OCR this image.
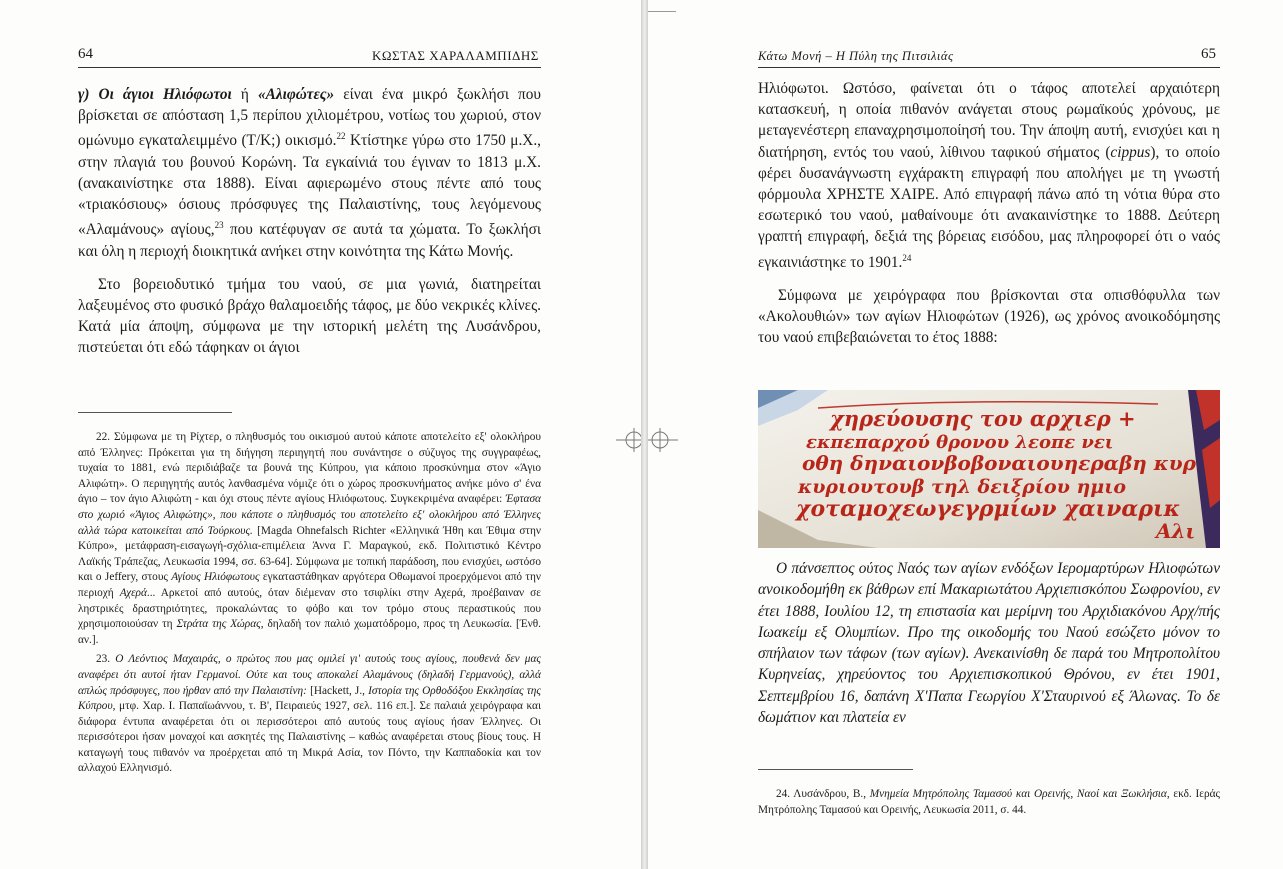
64	ΚΩΣΤΑΣ ΧΑΡΑΛΑΜΠΙΔΗΣ

γ) Οι άγιοι Ηλιόφωτοι ή «Αλιφώτες» είναι ένα μικρό ξωκλήσι που βρίσκεται σε απόσταση 1,5 περίπου χιλιομέτρου, νοτίως του χωριού, στον ομώνυμο εγκαταλειμμένο (Τ/Κ;) οικισμό.$^{22}$ Κτίστηκε γύρω στο 1750 μ.Χ., στην πλαγιά του βουνού Κορώνη. Τα εγκαίνιά του έγιναν το 1813 μ.Χ. (ανακαινίστηκε στα 1888). Είναι αφιερωμένο στους πέντε από τους «τριακόσιους» όσιους πρόσφυγες της Παλαιστίνης, τους λεγόμενους «Αλαμάνους» αγίους,$^{23}$ που κατέφυγαν σε αυτά τα χώματα. Το ξωκλήσι και όλη η περιοχή διοικητικά ανήκει στην κοινότητα της Κάτω Μονής.

Στο βορειοδυτικό τμήμα του ναού, σε μια γωνιά, διατηρείται λαξευμένος στο φυσικό βράχο θαλαμοειδής τάφος, με δύο νεκρικές κλίνες. Κατά μία άποψη, σύμφωνα με την ιστορική μελέτη της Λυσάνδρου, πιστεύεται ότι εδώ τάφηκαν οι άγιοι

22. Σύμφωνα με τη Ρίχτερ, ο πληθυσμός του οικισμού αυτού κάποτε αποτελείτο εξ' ολοκλήρου από Έλληνες: Πρόκειται για τη διήγηση περιηγητή που συνάντησε ο σύζυγος της συγγραφέως, τυχαία το 1881, ενώ περιδιάβαζε τα βουνά της Κύπρου, για κάποιο προσκύνημα στον «Άγιο Αλιφώτη». Ο περιηγητής αυτός λανθασμένα νόμιζε ότι ο χώρος προσκυνήματος ανήκε μόνο σ' ένα άγιο – τον άγιο Αλιφώτη - και όχι στους πέντε αγίους Ηλιόφωτους. Συγκεκριμένα αναφέρει: Έφτασα στο χωριό «Άγιος Αλιφώτης», που κάποτε ο πληθυσμός του αποτελείτο εξ' ολοκλήρου από Έλληνες αλλά τώρα κατοικείται από Τούρκους. [Magda Ohnefalsch Richter «Ελληνικά Ήθη και Έθιμα στην Κύπρο», μετάφραση-εισαγωγή-σχόλια-επιμέλεια Άννα Γ. Μαραγκού, εκδ. Πολιτιστικό Κέντρο Λαϊκής Τράπεζας, Λευκωσία 1994, σσ. 63-64]. Σύμφωνα με τοπική παράδοση, που ενισχύει, ωστόσο και ο Jeffery, στους Αγίους Ηλιόφωτους εγκαταστάθηκαν αργότερα Οθωμανοί προερχόμενοι από την περιοχή Αχερά... Αρκετοί από αυτούς, όταν διέμεναν στο τσιφλίκι στην Αχερά, προέβαιναν σε ληστρικές δραστηριότητες, προκαλώντας το φόβο και τον τρόμο στους περαστικούς που χρησιμοποιούσαν τη Στράτα της Χώρας, δηλαδή τον παλιό χωματόδρομο, προς τη Λευκωσία. [Ένθ. αν.].

23. Ο Λεόντιος Μαχαιράς, ο πρώτος που μας ομιλεί γι' αυτούς τους αγίους, πουθενά δεν μας αναφέρει ότι αυτοί ήταν Γερμανοί. Ούτε και τους αποκαλεί Αλαμάνους (δηλαδή Γερμανούς), αλλά απλώς πρόσφυγες, που ήρθαν από την Παλαιστίνη: [Hackett, J., Ιστορία της Ορθοδόξου Εκκλησίας της Κύπρου, μτφ. Χαρ. Ι. Παπαϊωάννου, τ. Β', Πειραιεύς 1927, σελ. 116 επ.]. Σε παλαιά χειρόγραφα και διάφορα έντυπα αναφέρεται ότι οι περισσότεροι από αυτούς τους αγίους ήσαν Έλληνες. Οι περισσότεροι ήσαν μοναχοί και ασκητές της Παλαιστίνης – καθώς αναφέρεται στους βίους τους. Η καταγωγή τους πιθανόν να προέρχεται από τη Μικρά Ασία, τον Πόντο, την Καππαδοκία και τον αλλαχού Ελληνισμό.

Κάτω Μονή – Η Πύλη της Πιτσιλιάς	65

Ηλιόφωτοι. Ωστόσο, φαίνεται ότι ο τάφος αποτελεί αρχαιότερη κατασκευή, η οποία πιθανόν ανάγεται στους ρωμαϊκούς χρόνους, με μεταγενέστερη επαναχρησιμοποίησή του. Την άποψη αυτή, ενισχύει και η διατήρηση, εντός του ναού, λίθινου ταφικού σήματος (cippus), το οποίο φέρει δυσανάγνωστη εγχάρακτη επιγραφή που απολήγει με τη γνωστή φόρμουλα ΧΡΗΣΤΕ ΧΑΙΡΕ. Από επιγραφή πάνω από τη νότια θύρα στο εσωτερικό του ναού, μαθαίνουμε ότι ανακαινίστηκε το 1888. Δεύτερη γραπτή επιγραφή, δεξιά της βόρειας εισόδου, μας πληροφορεί ότι ο ναός εγκαινιάστηκε το 1901.24

Σύμφωνα με χειρόγραφα που βρίσκονται στα οπισθόφυλλα των «Ακολουθιών» των αγίων Ηλιοφώτων (1926), ως χρόνος ανοικοδόμησης του ναού επιβεβαιώνεται το έτος 1888:

χηρεύουσης του αρχιερ +
εκπεπαρχού θρονου λεοπε νει
οθη δηναιονβοβοναιουηεραβη κυρ
κυριουτουβ τηλ δειξρίου ημιο
χοταμοχεωγεγρμίων χαιναρικ
Αλι
Ο πάνσεπτος ούτος Ναός των αγίων ενδόξων Ιερομαρτύρων Ηλιοφώτων ανοικοδομήθη εκ βάθρων επί Μακαριωτάτου Αρχιεπισκόπου Σωφρονίου, εν έτει 1888, Ιουλίου 12, τη επιστασία και μερίμνη του Αρχιδιακόνου Αρχ/πής Ιωακείμ εξ Ολυμπίων. Προ της οικοδομής του Ναού εσώζετο μόνον το σπήλαιον των τάφων (των αγίων). Ανεκαινίσθη δε παρά του Μητροπολίτου Κυρηνείας, χηρεύοντος του Αρχιεπισκοπικού Θρόνου, εν έτει 1901, Σεπτεμβρίου 16, δαπάνη Χ'Παπα Γεωργίου Χ'Σταυρινού εξ Άλωνας. Το δε δωμάτιον και πλατεία εν

24. Λυσάνδρου, Β., Μνημεία Μητρόπολης Ταμασού και Ορεινής, Ναοί και Ξωκλήσια, εκδ. Ιεράς Μητρόπολης Ταμασού και Ορεινής, Λευκωσία 2011, σ. 44.
